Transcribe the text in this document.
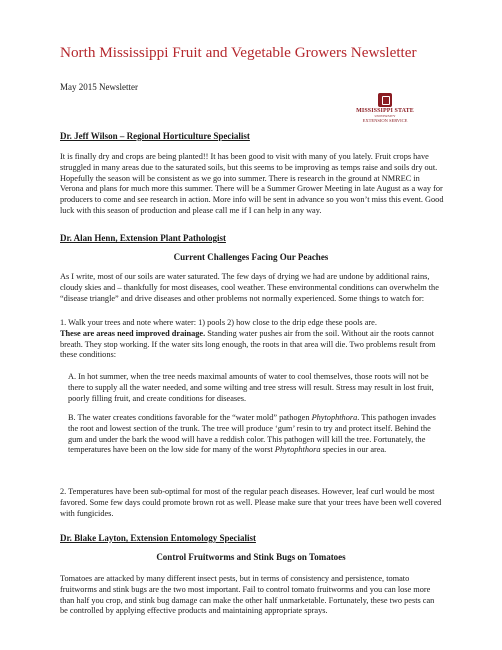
North Mississippi Fruit and Vegetable Growers Newsletter
May 2015 Newsletter
MISSISSIPPI STATE
UNIVERSITY
EXTENSION SERVICE
Dr. Jeff Wilson – Regional Horticulture Specialist
It is finally dry and crops are being planted!! It has been good to visit with many of you lately. Fruit crops have struggled in many areas due to the saturated soils, but this seems to be improving as temps raise and soils dry out. Hopefully the season will be consistent as we go into summer. There is research in the ground at NMREC in Verona and plans for much more this summer. There will be a Summer Grower Meeting in late August as a way for producers to come and see research in action. More info will be sent in advance so you won’t miss this event. Good luck with this season of production and please call me if I can help in any way.
Dr. Alan Henn, Extension Plant Pathologist
Current Challenges Facing Our Peaches
As I write, most of our soils are water saturated. The few days of drying we had are undone by additional rains, cloudy skies and – thankfully for most diseases, cool weather. These environmental conditions can overwhelm the “disease triangle” and drive diseases and other problems not normally experienced. Some things to watch for:
1. Walk your trees and note where water: 1) pools 2) how close to the drip edge these pools are.
These are areas need improved drainage. Standing water pushes air from the soil. Without air the roots cannot breath. They stop working. If the water sits long enough, the roots in that area will die. Two problems result from these conditions:
A. In hot summer, when the tree needs maximal amounts of water to cool themselves, those roots will not be there to supply all the water needed, and some wilting and tree stress will result. Stress may result in lost fruit, poorly filling fruit, and create conditions for diseases.
B. The water creates conditions favorable for the “water mold” pathogen Phytophthora. This pathogen invades the root and lowest section of the trunk. The tree will produce ‘gum’ resin to try and protect itself. Behind the gum and under the bark the wood will have a reddish color. This pathogen will kill the tree. Fortunately, the temperatures have been on the low side for many of the worst Phytophthora species in our area.
2. Temperatures have been sub-optimal for most of the regular peach diseases. However, leaf curl would be most favored. Some few days could promote brown rot as well. Please make sure that your trees have been well covered with fungicides.
Dr. Blake Layton, Extension Entomology Specialist
Control Fruitworms and Stink Bugs on Tomatoes
Tomatoes are attacked by many different insect pests, but in terms of consistency and persistence, tomato fruitworms and stink bugs are the two most important. Fail to control tomato fruitworms and you can lose more than half you crop, and stink bug damage can make the other half unmarketable. Fortunately, these two pests can be controlled by applying effective products and maintaining appropriate sprays.
